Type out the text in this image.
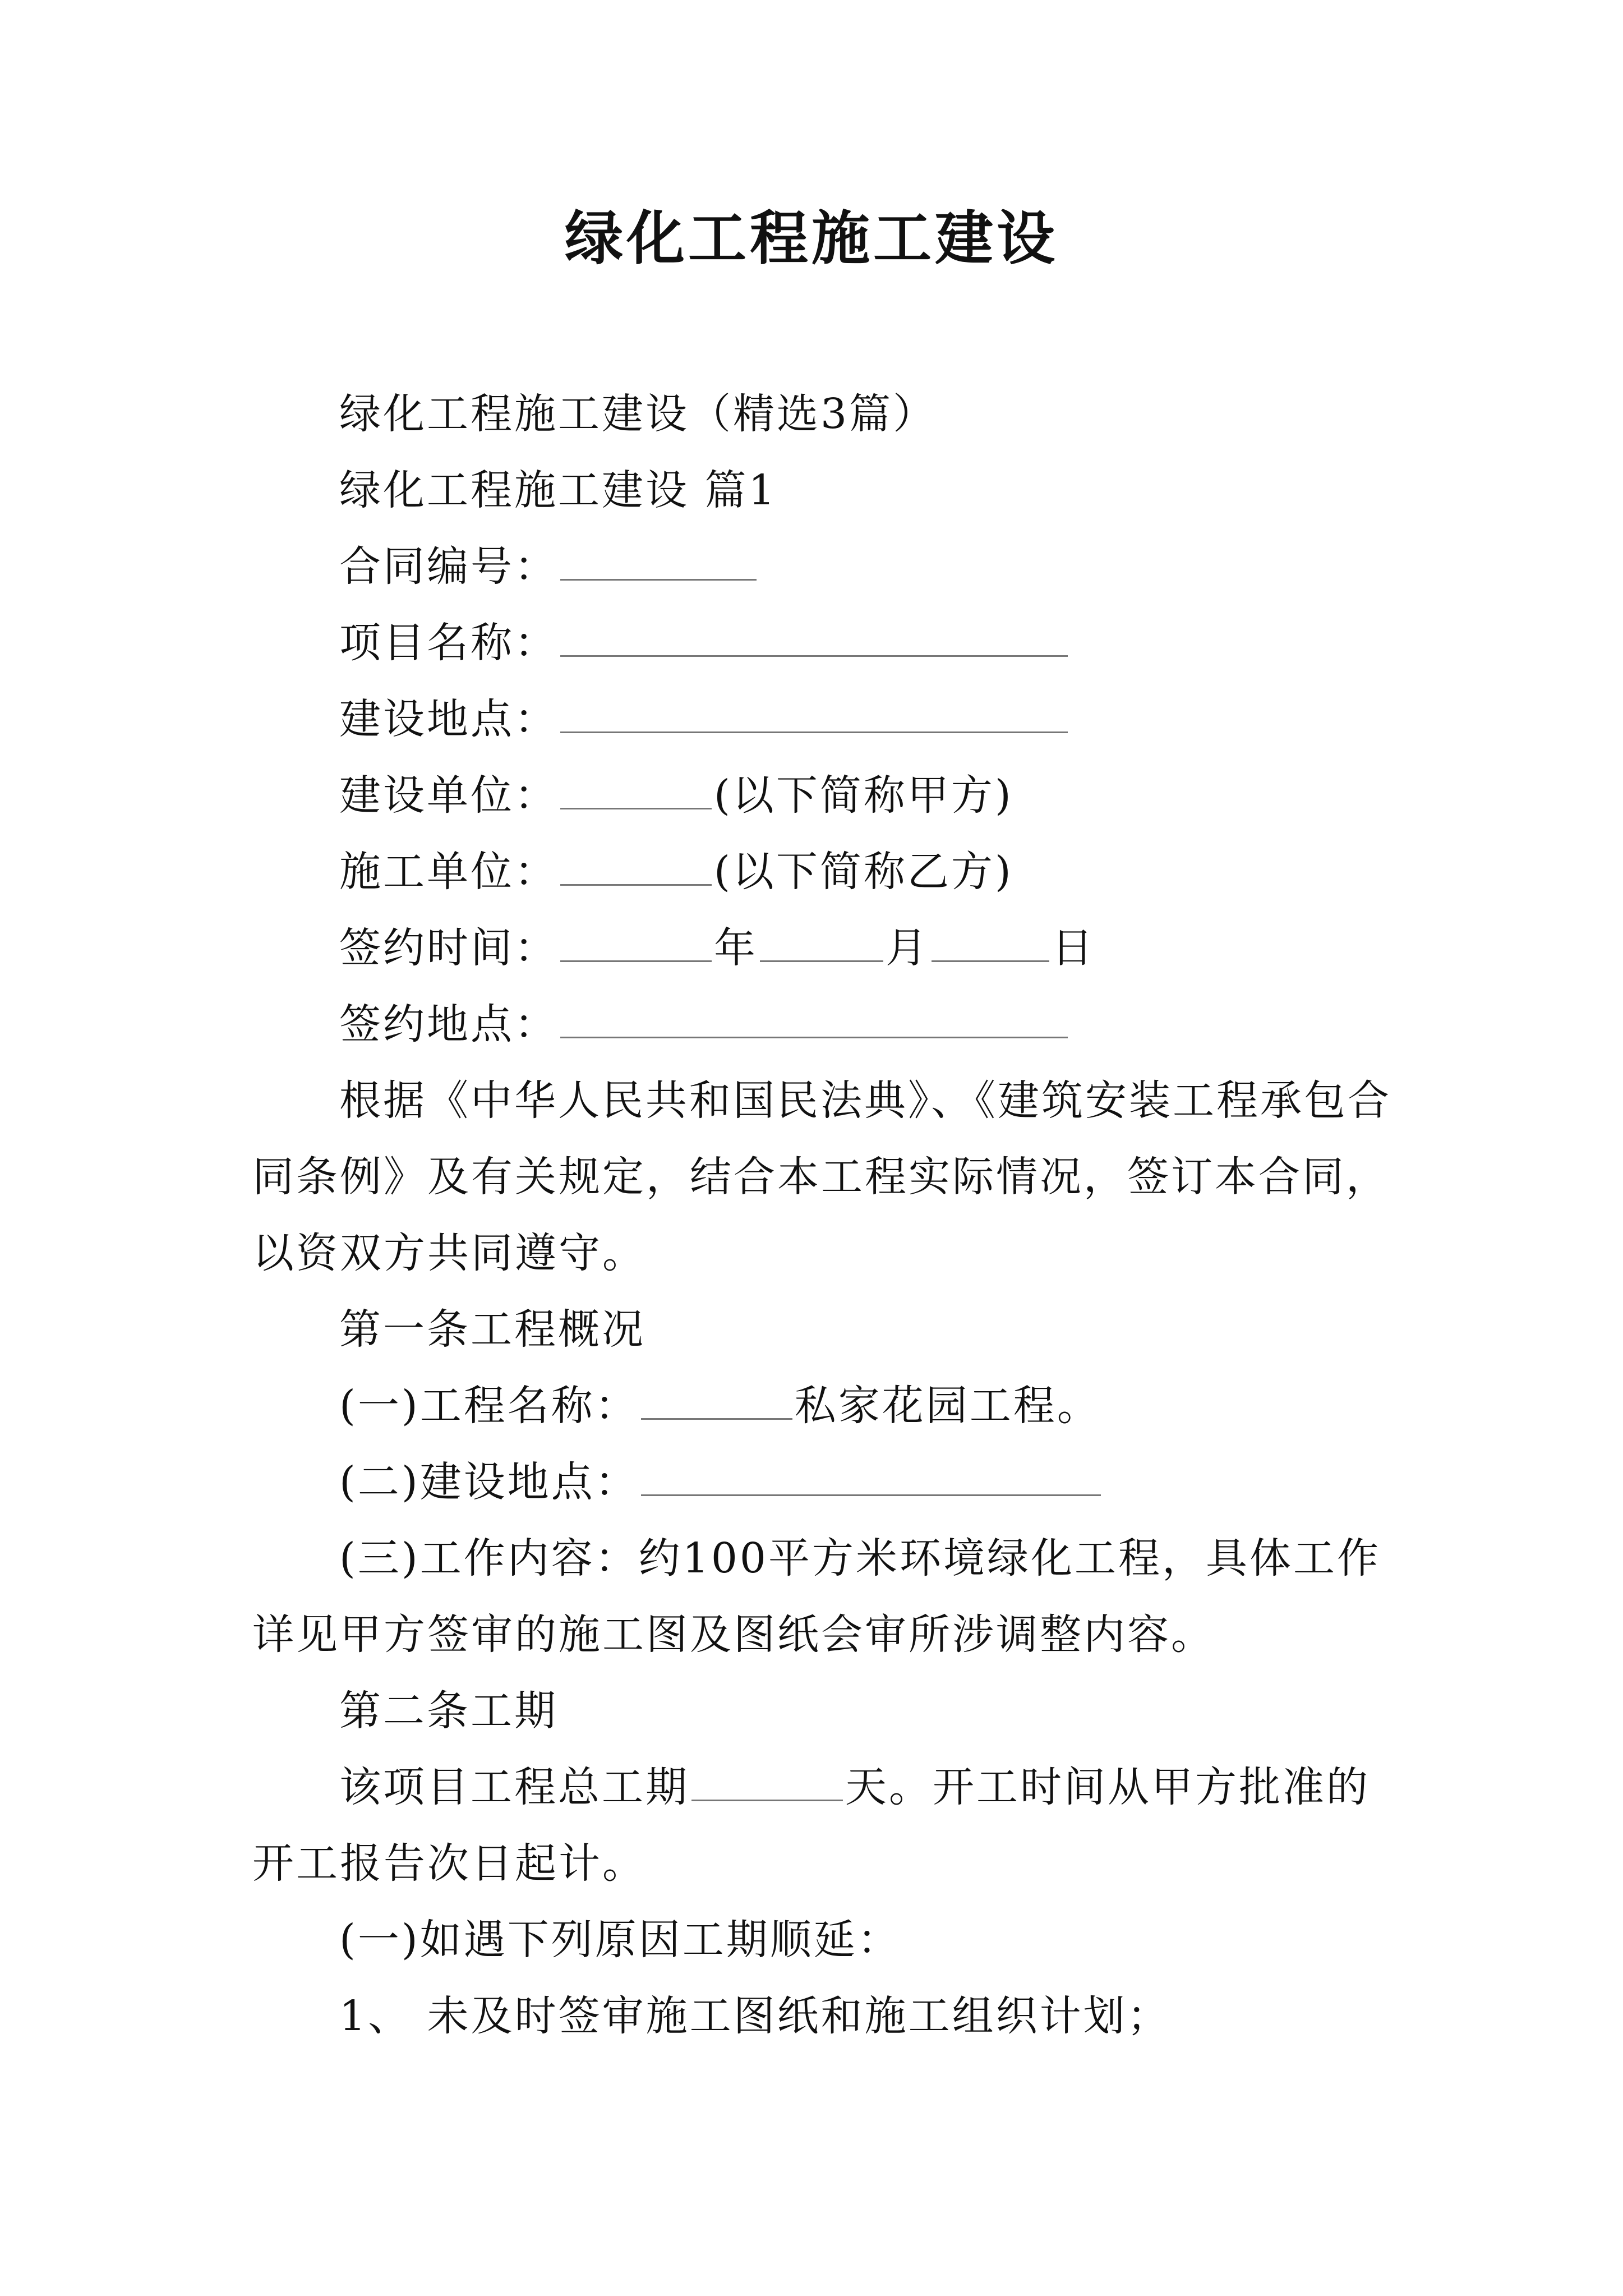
绿化工程施工建设

绿化工程施工建设（精选3篇）

绿化工程施工建设 篇1

合同编号：

项目名称：

建设地点：

建设单位：	(以下简称甲方)

施工单位：	(以下简称乙方)

签约时间：	年	月	日

签约地点：

根据《中华人民共和国民法典》、《建筑安装工程承包合

同条例》及有关规定，结合本工程实际情况，签订本合同，

以资双方共同遵守。

第一条工程概况

(一)工程名称：	私家花园工程。

(二)建设地点：

(三)工作内容：约100平方米环境绿化工程，具体工作

详见甲方签审的施工图及图纸会审所涉调整内容。

第二条工期

该项目工程总工期	天。开工时间从甲方批准的

开工报告次日起计。

(一)如遇下列原因工期顺延：

1、 未及时签审施工图纸和施工组织计划；
